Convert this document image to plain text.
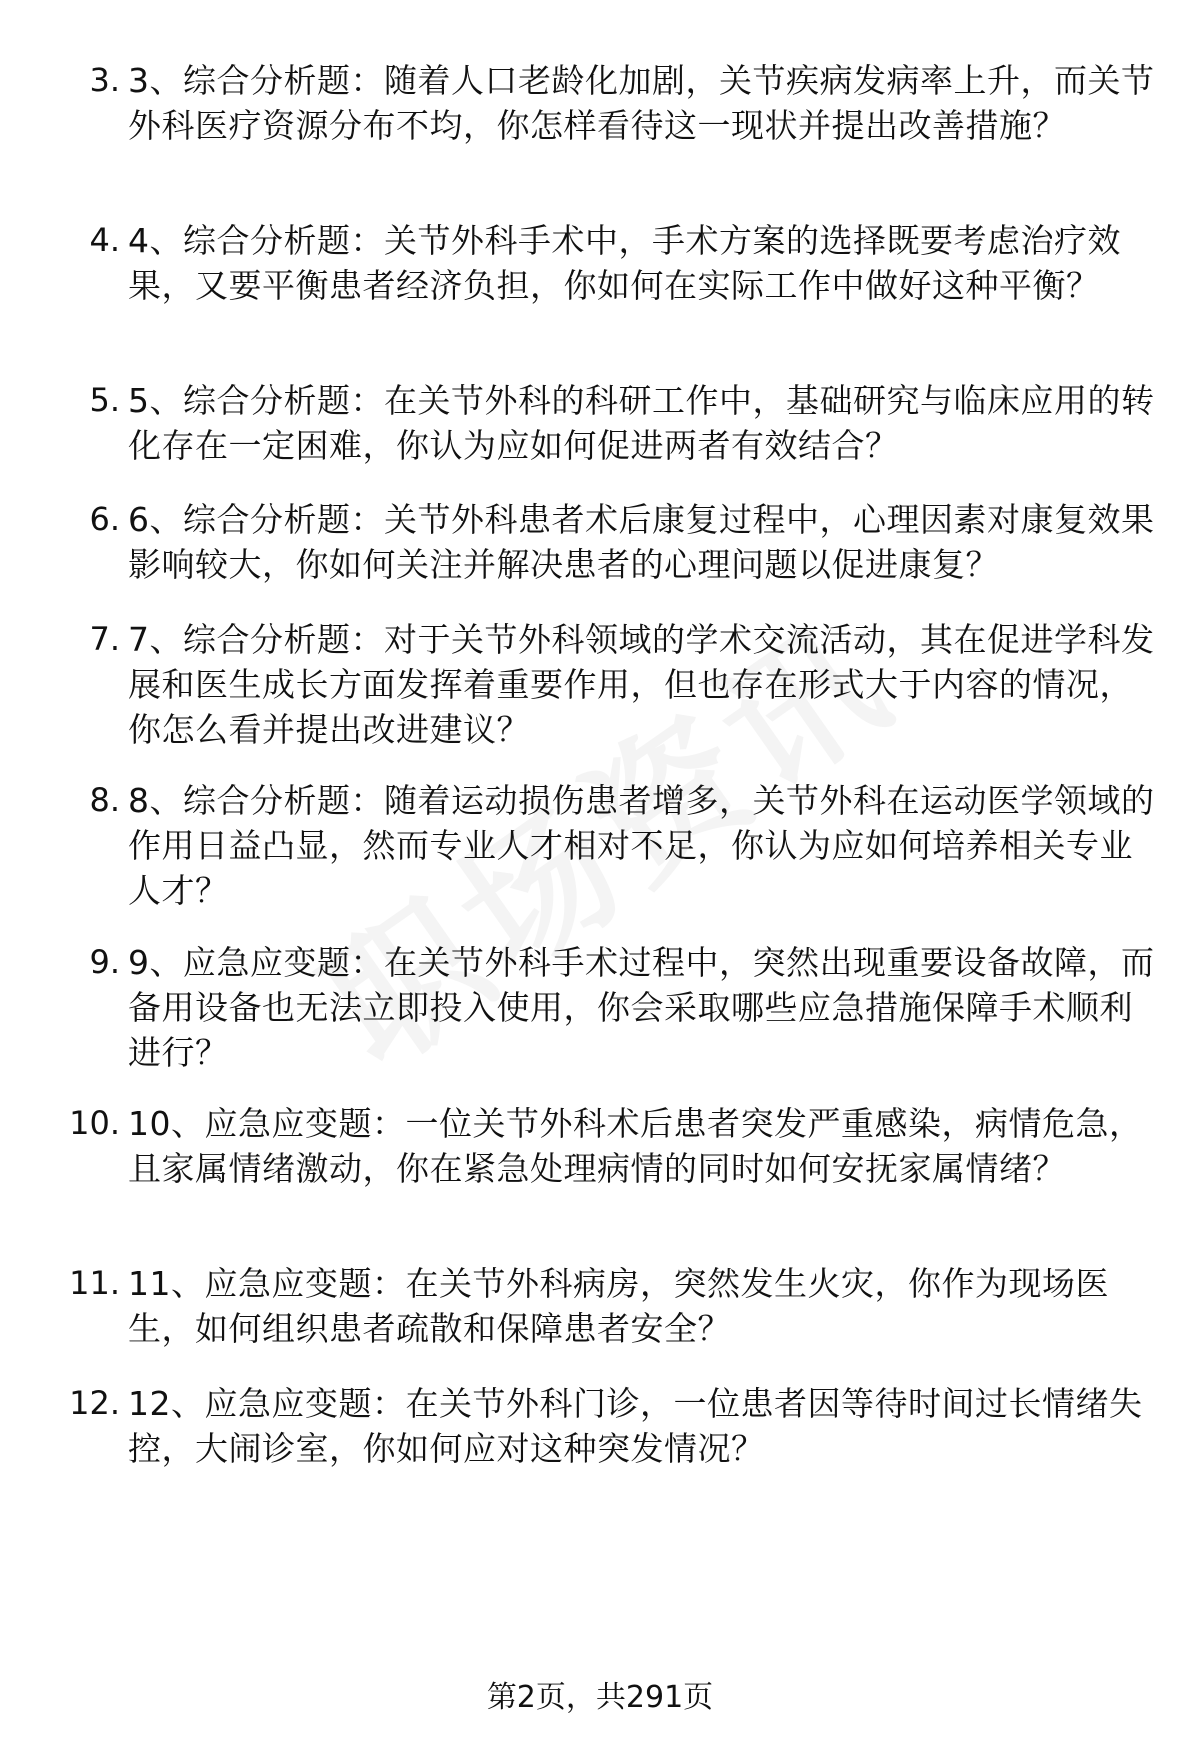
3. 3、综合分析题：随着人口老龄化加剧，关节疾病发病率上升，而关节外科医疗资源分布不均，你怎样看待这一现状并提出改善措施？
4. 4、综合分析题：关节外科手术中，手术方案的选择既要考虑治疗效果，又要平衡患者经济负担，你如何在实际工作中做好这种平衡？
5. 5、综合分析题：在关节外科的科研工作中，基础研究与临床应用的转化存在一定困难，你认为应如何促进两者有效结合？
6. 6、综合分析题：关节外科患者术后康复过程中，心理因素对康复效果影响较大，你如何关注并解决患者的心理问题以促进康复？
7. 7、综合分析题：对于关节外科领域的学术交流活动，其在促进学科发展和医生成长方面发挥着重要作用，但也存在形式大于内容的情况，你怎么看并提出改进建议？
8. 8、综合分析题：随着运动损伤患者增多，关节外科在运动医学领域的作用日益凸显，然而专业人才相对不足，你认为应如何培养相关专业人才？
9. 9、应急应变题：在关节外科手术过程中，突然出现重要设备故障，而备用设备也无法立即投入使用，你会采取哪些应急措施保障手术顺利进行？
10. 10、应急应变题：一位关节外科术后患者突发严重感染，病情危急，且家属情绪激动，你在紧急处理病情的同时如何安抚家属情绪？
11. 11、应急应变题：在关节外科病房，突然发生火灾，你作为现场医生，如何组织患者疏散和保障患者安全？
12. 12、应急应变题：在关节外科门诊，一位患者因等待时间过长情绪失控，大闹诊室，你如何应对这种突发情况？
第2页，共291页
